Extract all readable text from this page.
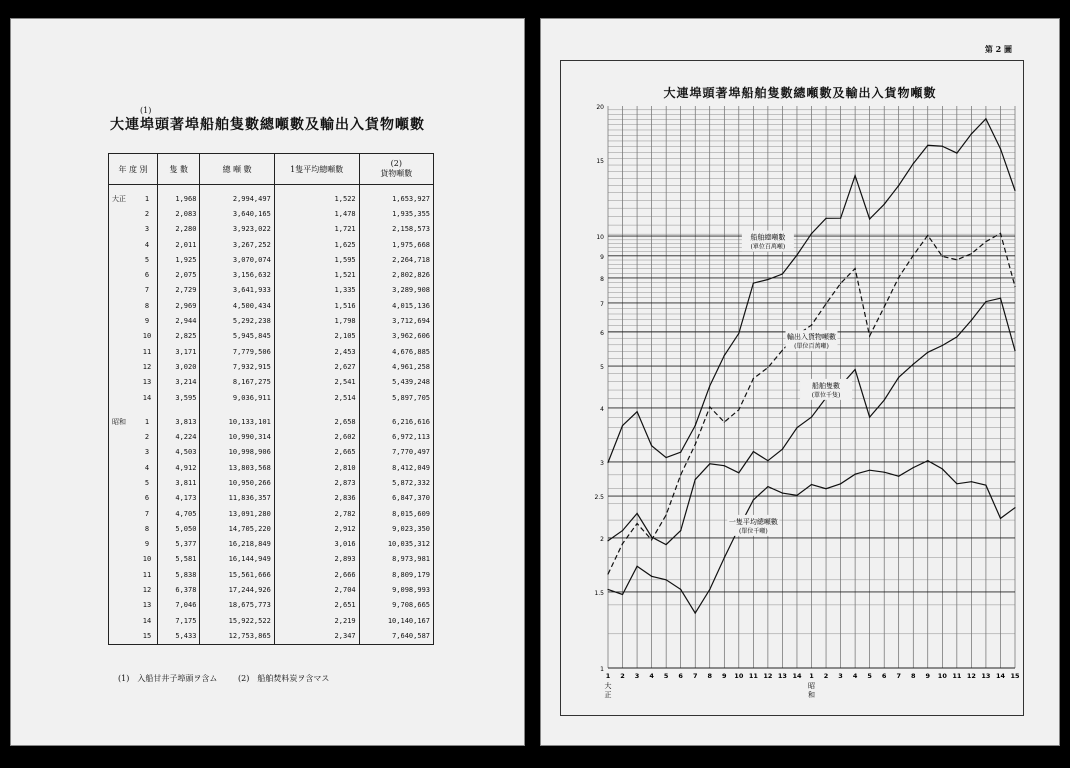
(1)
大連埠頭著埠船舶隻數總噸數及輸出入貨物噸數
年 度 別		隻 數	總 噸 數	1隻平均總噸數	(2)
貨物噸數

大正	1	1,968	2,994,497	1,522	1,653,927
	2	2,083	3,640,165	1,478	1,935,355
	3	2,280	3,923,022	1,721	2,158,573
	4	2,011	3,267,252	1,625	1,975,668
	5	1,925	3,070,074	1,595	2,264,718
	6	2,075	3,156,632	1,521	2,802,826
	7	2,729	3,641,933	1,335	3,289,908
	8	2,969	4,500,434	1,516	4,015,136
	9	2,944	5,292,238	1,798	3,712,694
	10	2,825	5,945,845	2,105	3,962,606
	11	3,171	7,779,506	2,453	4,676,885
	12	3,020	7,932,915	2,627	4,961,258
	13	3,214	8,167,275	2,541	5,439,248
	14	3,595	9,036,911	2,514	5,897,705

昭和	1	3,813	10,133,101	2,658	6,216,616
	2	4,224	10,990,314	2,602	6,972,113
	3	4,503	10,998,906	2,665	7,770,497
	4	4,912	13,803,568	2,810	8,412,049
	5	3,811	10,950,266	2,873	5,872,332
	6	4,173	11,836,357	2,836	6,847,370
	7	4,705	13,091,280	2,782	8,015,609
	8	5,050	14,705,220	2,912	9,023,350
	9	5,377	16,218,849	3,016	10,035,312
	10	5,581	16,144,949	2,893	8,973,981
	11	5,838	15,561,666	2,666	8,809,179
	12	6,378	17,244,926	2,704	9,098,993
	13	7,046	18,675,773	2,651	9,708,665
	14	7,175	15,922,522	2,219	10,140,167
	15	5,433	12,753,865	2,347	7,640,587
(1)　入船甘井子埠頭ヲ含ム	(2)　船舶焚料炭ヲ含マス
第 2 圖
大連埠頭著埠船舶隻數總噸數及輸出入貨物噸數
1
1.5
2
2.5
3
4
5
6
7
8
9
10
15
20
1 2 3 4 5 6 7 8 9 10 11 12 13 14 1 2 3 4 5 6 7 8 9 10 11 12 13 14 15
大
正
昭
和
船舶總噸數
(單位百萬噸)
輸出入貨物噸數
(單位百萬噸)
船舶隻數
(單位千隻)
一隻平均總噸數
(單位千噸)
